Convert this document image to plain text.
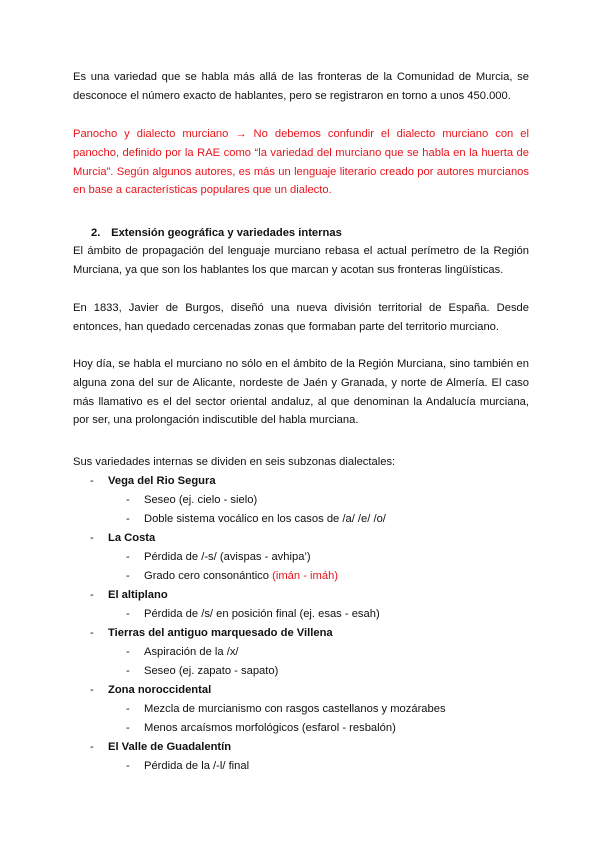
Es una variedad que se habla más allá de las fronteras de la Comunidad de Murcia, se desconoce el número exacto de hablantes, pero se registraron en torno a unos 450.000.

Panocho y dialecto murciano → No debemos confundir el dialecto murciano con el panocho, definido por la RAE como “la variedad del murciano que se habla en la huerta de Murcia”. Según algunos autores, es más un lenguaje literario creado por autores murcianos en base a características populares que un dialecto.

2. Extensión geográfica y variedades internas

El ámbito de propagación del lenguaje murciano rebasa el actual perímetro de la Región Murciana, ya que son los hablantes los que marcan y acotan sus fronteras lingüísticas.

En 1833, Javier de Burgos, diseñó una nueva división territorial de España. Desde entonces, han quedado cercenadas zonas que formaban parte del territorio murciano.

Hoy día, se habla el murciano no sólo en el ámbito de la Región Murciana, sino también en alguna zona del sur de Alicante, nordeste de Jaén y Granada, y norte de Almería. El caso más llamativo es el del sector oriental andaluz, al que denominan la Andalucía murciana, por ser, una prolongación indiscutible del habla murciana.

Sus variedades internas se dividen en seis subzonas dialectales:

- Vega del Rio Segura
- Seseo (ej. cielo - sielo)
- Doble sistema vocálico en los casos de /a/ /e/ /o/
- La Costa
- Pérdida de /-s/ (avispas - avhipa’)
- Grado cero consonántico (imán - imáh)
- El altiplano
- Pérdida de /s/ en posición final (ej. esas - esah)
- Tierras del antiguo marquesado de Villena
- Aspiración de la /x/
- Seseo (ej. zapato - sapato)
- Zona noroccidental
- Mezcla de murcianismo con rasgos castellanos y mozárabes
- Menos arcaísmos morfológicos (esfarol - resbalón)
- El Valle de Guadalentín
- Pérdida de la /-l/ final
